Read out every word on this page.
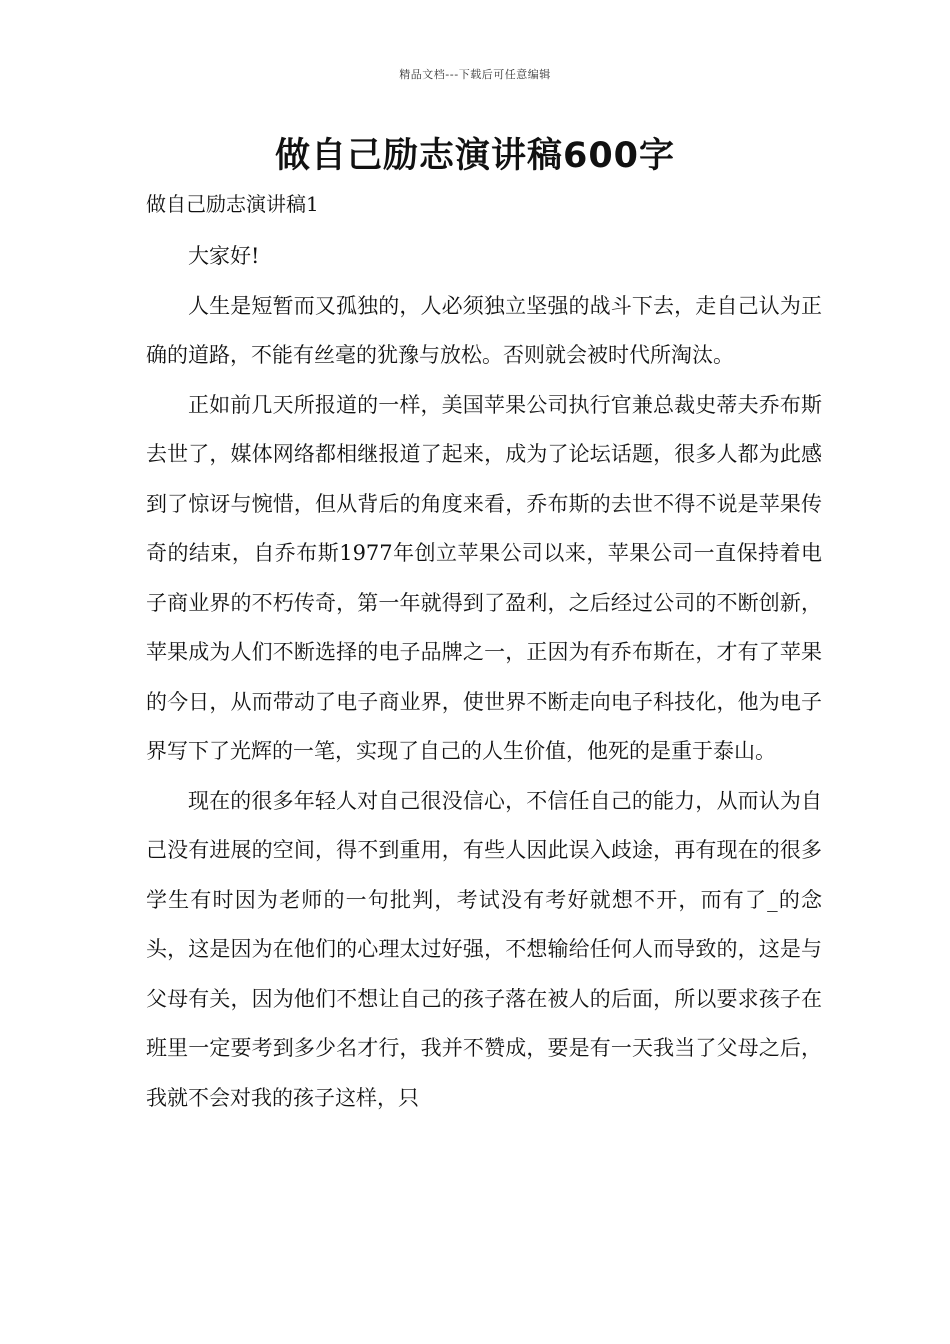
精品文档---下载后可任意编辑
做自己励志演讲稿600字
做自己励志演讲稿1

大家好!

人生是短暂而又孤独的，人必须独立坚强的战斗下去，走自己认为正确的道路，不能有丝毫的犹豫与放松。否则就会被时代所淘汰。

正如前几天所报道的一样，美国苹果公司执行官兼总裁史蒂夫乔布斯去世了，媒体网络都相继报道了起来，成为了论坛话题，很多人都为此感到了惊讶与惋惜，但从背后的角度来看，乔布斯的去世不得不说是苹果传奇的结束，自乔布斯1977年创立苹果公司以来，苹果公司一直保持着电子商业界的不朽传奇，第一年就得到了盈利，之后经过公司的不断创新，苹果成为人们不断选择的电子品牌之一，正因为有乔布斯在，才有了苹果的今日，从而带动了电子商业界，使世界不断走向电子科技化，他为电子界写下了光辉的一笔，实现了自己的人生价值，他死的是重于泰山。

现在的很多年轻人对自己很没信心，不信任自己的能力，从而认为自己没有进展的空间，得不到重用，有些人因此误入歧途，再有现在的很多学生有时因为老师的一句批判，考试没有考好就想不开，而有了_的念头，这是因为在他们的心理太过好强，不想输给任何人而导致的，这是与父母有关，因为他们不想让自己的孩子落在被人的后面，所以要求孩子在班里一定要考到多少名才行，我并不赞成，要是有一天我当了父母之后，我就不会对我的孩子这样，只
